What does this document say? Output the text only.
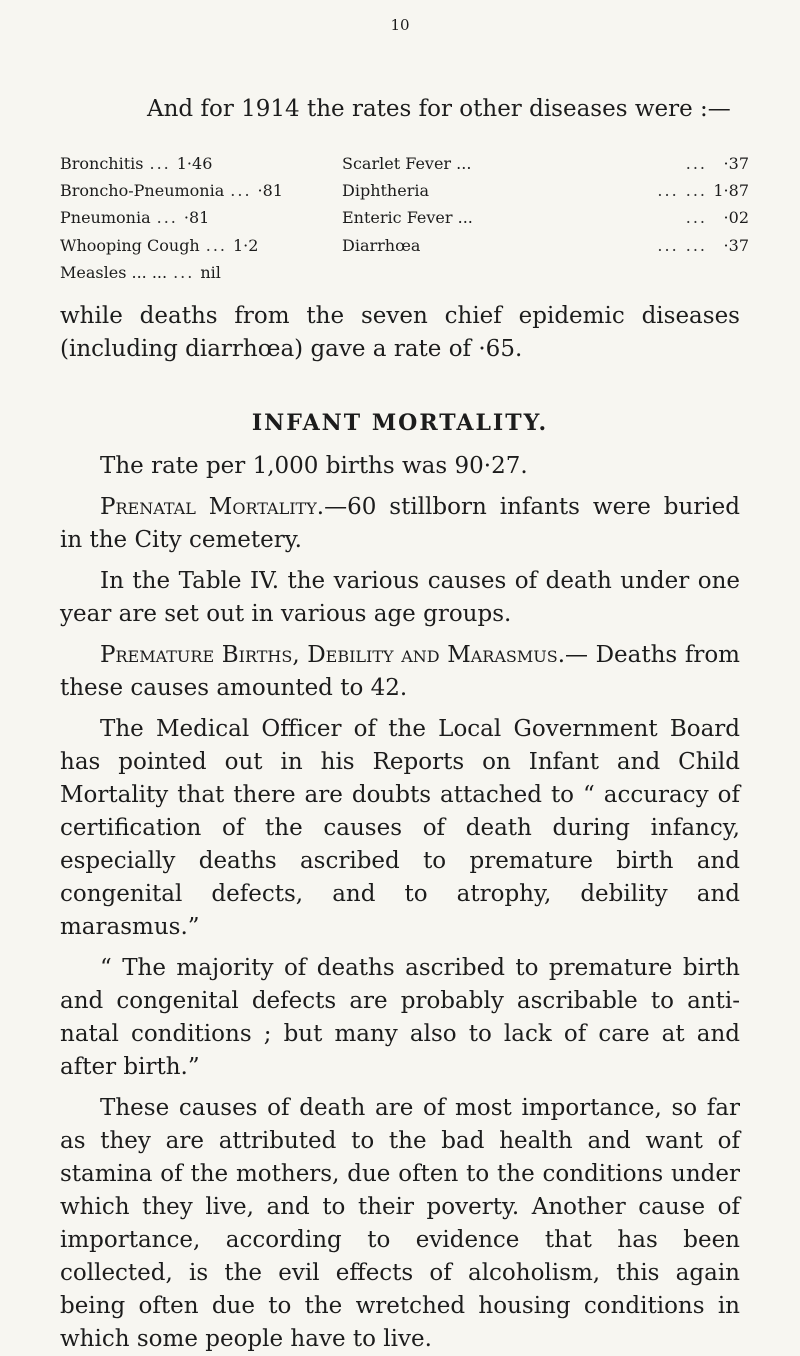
10
And for 1914 the rates for other diseases were :—
Bronchitis ... 1·46	Scarlet Fever ...	...	·37
Broncho-Pneumonia ... ·81	Diphtheria	... ... 1·87
Pneumonia ... ·81	Enteric Fever ...	...	·02
Whooping Cough ... 1·2	Diarrhœa	... ...	·37
Measles ... ... ... nil

while deaths from the seven chief epidemic diseases (including diarrhœa) gave a rate of ·65.

INFANT MORTALITY.

The rate per 1,000 births was 90·27.

Prenatal Mortality.—60 stillborn infants were buried in the City cemetery.

In the Table IV. the various causes of death under one year are set out in various age groups.

Premature Births, Debility and Marasmus.— Deaths from these causes amounted to 42.

The Medical Officer of the Local Government Board has pointed out in his Reports on Infant and Child Mortality that there are doubts attached to “ accuracy of certification of the causes of death during infancy, especially deaths ascribed to premature birth and congenital defects, and to atrophy, debility and marasmus.”

“ The majority of deaths ascribed to premature birth and congenital defects are probably ascribable to anti-natal conditions ; but many also to lack of care at and after birth.”

These causes of death are of most importance, so far as they are attributed to the bad health and want of stamina of the mothers, due often to the conditions under which they live, and to their poverty. Another cause of importance, according to evidence that has been collected, is the evil effects of alcoholism, this again being often due to the wretched housing conditions in which some people have to live.
